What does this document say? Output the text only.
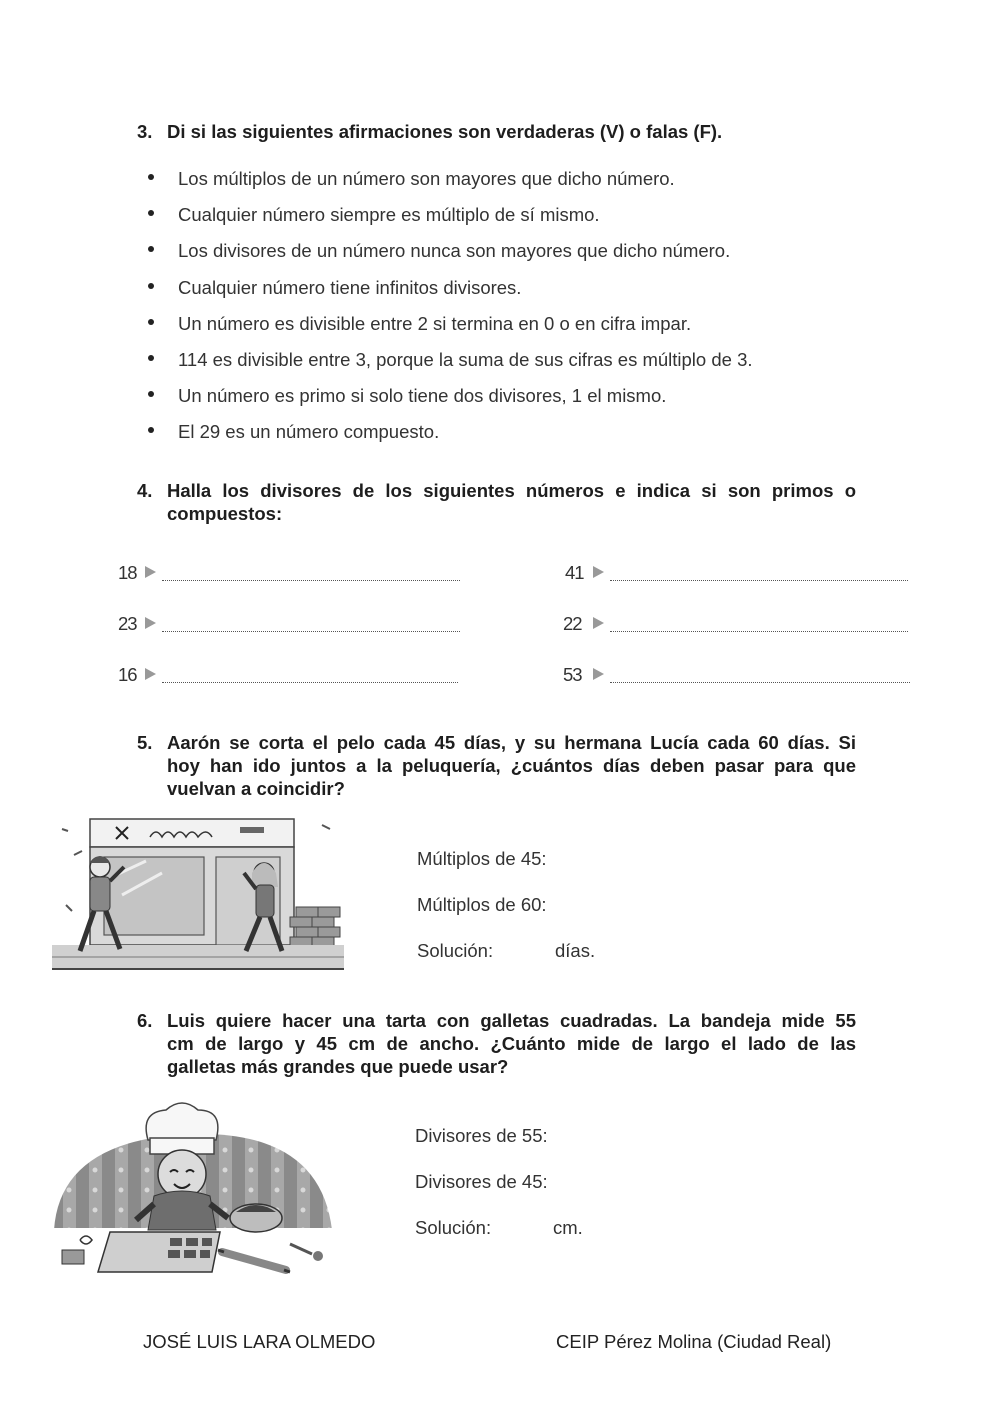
3. Di si las siguientes afirmaciones son verdaderas (V) o falas (F).
Los múltiplos de un número son mayores que dicho número.
Cualquier número siempre es múltiplo de sí mismo.
Los divisores de un número nunca son mayores que dicho número.
Cualquier número tiene infinitos divisores.
Un número es divisible entre 2 si termina en 0 o en cifra impar.
114 es divisible entre 3, porque la suma de sus cifras es múltiplo de 3.
Un número es primo si solo tiene dos divisores, 1 el mismo.
El 29 es un número compuesto.
4. Halla los divisores de los siguientes números e indica si son primos o
compuestos:
18	41
23	22
16	53
5. Aarón se corta el pelo cada 45 días, y su hermana Lucía cada 60 días. Si
hoy han ido juntos a la peluquería, ¿cuántos días deben pasar para que
vuelvan a coincidir?
Múltiplos de 45:
Múltiplos de 60:
Solución:	días.
6. Luis quiere hacer una tarta con galletas cuadradas. La bandeja mide 55
cm de largo y 45 cm de ancho. ¿Cuánto mide de largo el lado de las
galletas más grandes que puede usar?
Divisores de 55:
Divisores de 45:
Solución:	cm.
JOSÉ LUIS LARA OLMEDO	CEIP Pérez Molina (Ciudad Real)
